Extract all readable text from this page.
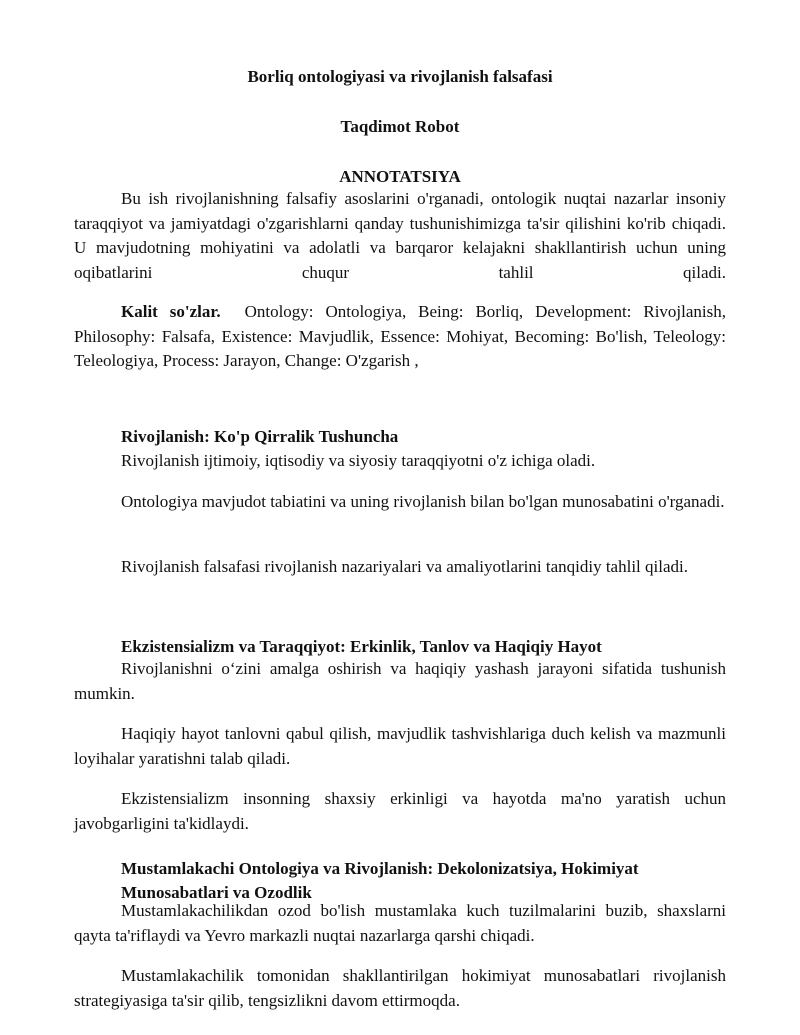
Borliq ontologiyasi va rivojlanish falsafasi
Taqdimot Robot
ANNOTATSIYA

Bu ish rivojlanishning falsafiy asoslarini o'rganadi, ontologik nuqtai nazarlar insoniy taraqqiyot va jamiyatdagi o'zgarishlarni qanday tushunishimizga ta'sir qilishini ko'rib chiqadi. U mavjudotning mohiyatini va adolatli va barqaror kelajakni shakllantirish uchun uning oqibatlarini chuqur tahlil qiladi.

Kalit so'zlar. Ontology: Ontologiya, Being: Borliq, Development: Rivojlanish, Philosophy: Falsafa, Existence: Mavjudlik, Essence: Mohiyat, Becoming: Bo'lish, Teleology: Teleologiya, Process: Jarayon, Change: O'zgarish ,

Rivojlanish: Ko'p Qirralik Tushuncha

Rivojlanish ijtimoiy, iqtisodiy va siyosiy taraqqiyotni o'z ichiga oladi.

Ontologiya mavjudot tabiatini va uning rivojlanish bilan bo'lgan munosabatini o'rganadi.

Rivojlanish falsafasi rivojlanish nazariyalari va amaliyotlarini tanqidiy tahlil qiladi.

Ekzistensializm va Taraqqiyot: Erkinlik, Tanlov va Haqiqiy Hayot

Rivojlanishni oʻzini amalga oshirish va haqiqiy yashash jarayoni sifatida tushunish mumkin.

Haqiqiy hayot tanlovni qabul qilish, mavjudlik tashvishlariga duch kelish va mazmunli loyihalar yaratishni talab qiladi.

Ekzistensializm insonning shaxsiy erkinligi va hayotda ma'no yaratish uchun javobgarligini ta'kidlaydi.

Mustamlakachi Ontologiya va Rivojlanish: Dekolonizatsiya, Hokimiyat Munosabatlari va Ozodlik

Mustamlakachilikdan ozod bo'lish mustamlaka kuch tuzilmalarini buzib, shaxslarni qayta ta'riflaydi va Yevro markazli nuqtai nazarlarga qarshi chiqadi.

Mustamlakachilik tomonidan shakllantirilgan hokimiyat munosabatlari rivojlanish strategiyasiga ta'sir qilib, tengsizlikni davom ettirmoqda.
